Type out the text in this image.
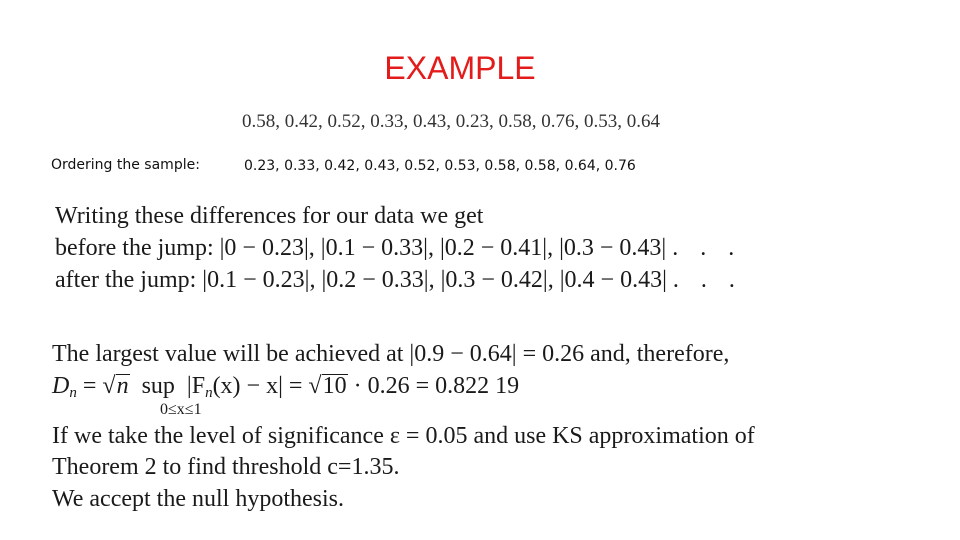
EXAMPLE
0.58, 0.42, 0.52, 0.33, 0.43, 0.23, 0.58, 0.76, 0.53, 0.64
Ordering the sample:	0.23, 0.33, 0.42, 0.43, 0.52, 0.53, 0.58, 0.58, 0.64, 0.76
Writing these differences for our data we get
before the jump: |0 − 0.23|, |0.1 − 0.33|, |0.2 − 0.41|, |0.3 − 0.43| . . .
after the jump: |0.1 − 0.23|, |0.2 − 0.33|, |0.3 − 0.42|, |0.4 − 0.43| . . .
The largest value will be achieved at |0.9 − 0.64| = 0.26 and, therefore,
$D_n = √n$ sup $|F_n(x) - x| = √10 \cdot 0.26 = 0.822$ 19
0≤x≤1
If we take the level of significance ε = 0.05 and use KS approximation of
Theorem 2 to find threshold c=1.35.
We accept the null hypothesis.
